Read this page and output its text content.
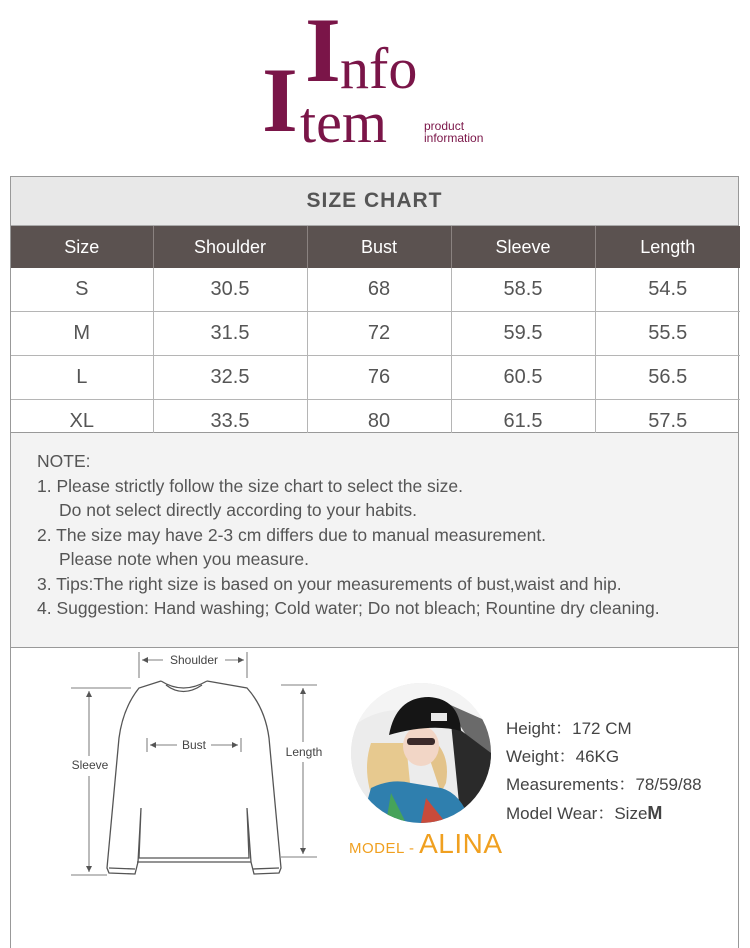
I nfo
I tem	product
information
SIZE CHART
Size	Shoulder	Bust	Sleeve	Length
S	30.5	68	58.5	54.5
M	31.5	72	59.5	55.5
L	32.5	76	60.5	56.5
XL	33.5	80	61.5	57.5
NOTE:
1. Please strictly follow the size chart to select the size.
Do not select directly according to your habits.
2. The size may have 2-3 cm differs due to manual measurement.
Please note when you measure.
3. Tips:The right size is based on your measurements of bust,waist and hip.
4. Suggestion: Hand washing; Cold water; Do not bleach; Rountine dry cleaning.
Shoulder
Bust	Length
Sleeve
MODEL - ALINA
Height：172 CM
Weight：46KG
Measurements：78/59/88
Model Wear：SizeM
